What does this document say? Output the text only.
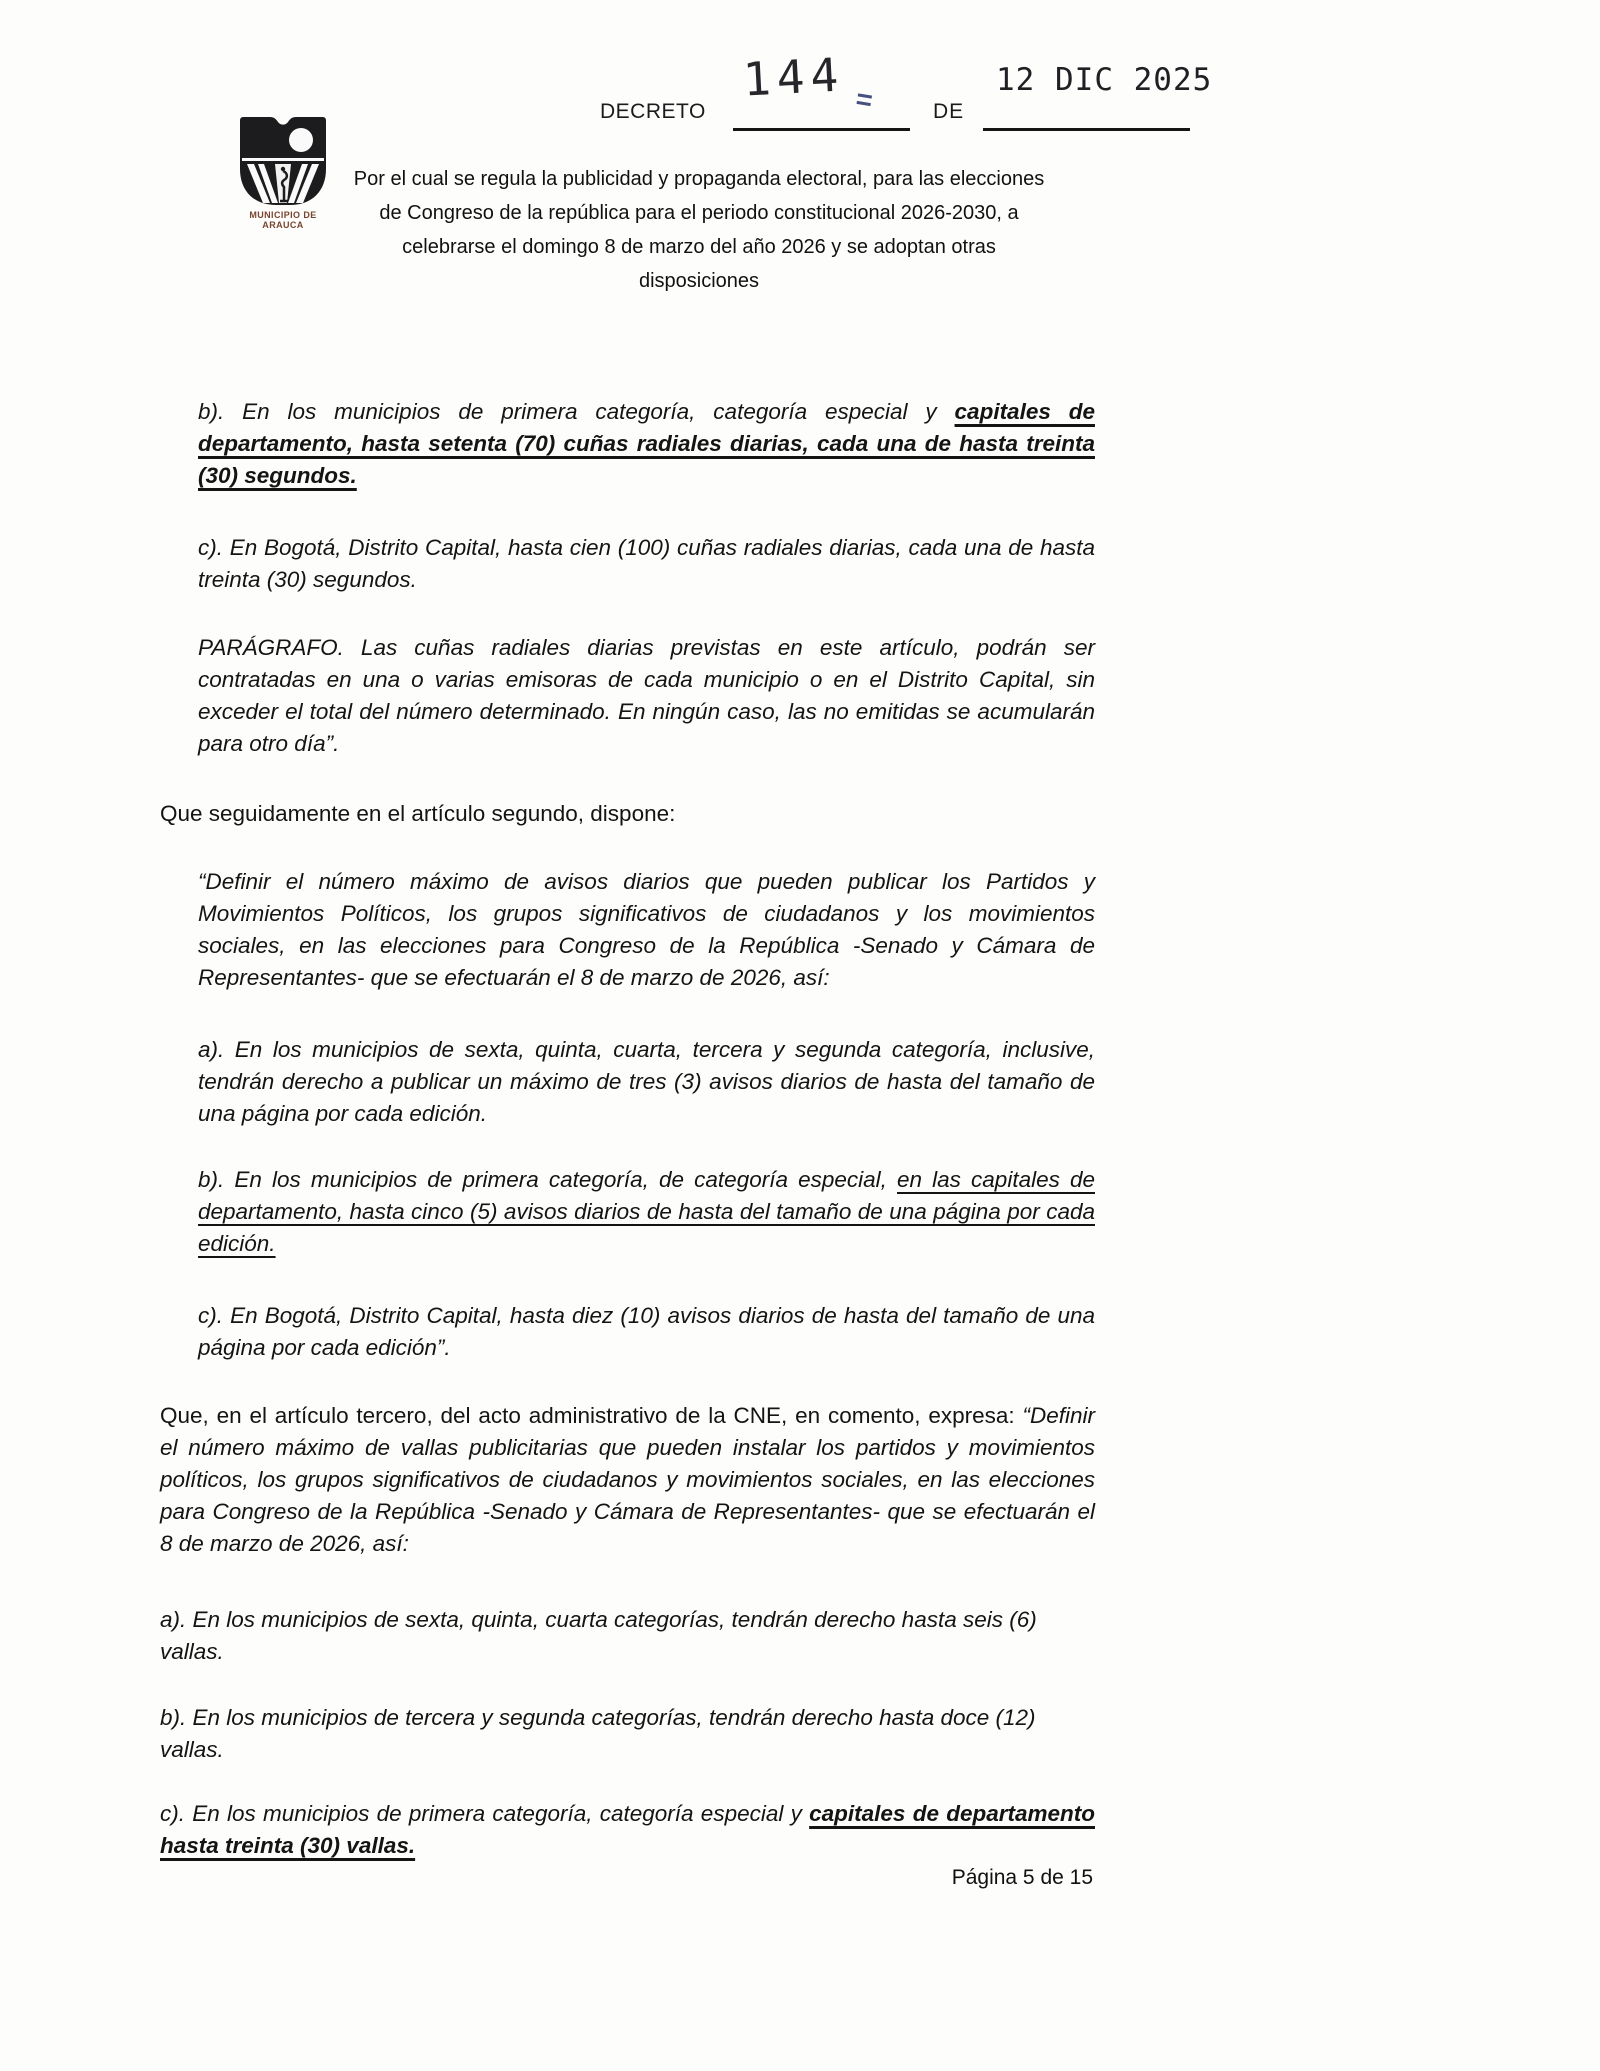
MUNICIPIO DE ARAUCA
DECRETO
144 =	DE
12 DIC 2025
Por el cual se regula la publicidad y propaganda electoral, para las elecciones
de Congreso de la república para el periodo constitucional 2026-2030, a
celebrarse el domingo 8 de marzo del año 2026 y se adoptan otras
disposiciones

b). En los municipios de primera categoría, categoría especial y capitales de departamento, hasta setenta (70) cuñas radiales diarias, cada una de hasta treinta (30) segundos.

c). En Bogotá, Distrito Capital, hasta cien (100) cuñas radiales diarias, cada una de hasta treinta (30) segundos.

PARÁGRAFO. Las cuñas radiales diarias previstas en este artículo, podrán ser contratadas en una o varias emisoras de cada municipio o en el Distrito Capital, sin exceder el total del número determinado. En ningún caso, las no emitidas se acumularán para otro día”.

Que seguidamente en el artículo segundo, dispone:

“Definir el número máximo de avisos diarios que pueden publicar los Partidos y Movimientos Políticos, los grupos significativos de ciudadanos y los movimientos sociales, en las elecciones para Congreso de la República -Senado y Cámara de Representantes- que se efectuarán el 8 de marzo de 2026, así:

a). En los municipios de sexta, quinta, cuarta, tercera y segunda categoría, inclusive, tendrán derecho a publicar un máximo de tres (3) avisos diarios de hasta del tamaño de una página por cada edición.

b). En los municipios de primera categoría, de categoría especial, en las capitales de departamento, hasta cinco (5) avisos diarios de hasta del tamaño de una página por cada edición.

c). En Bogotá, Distrito Capital, hasta diez (10) avisos diarios de hasta del tamaño de una página por cada edición”.

Que, en el artículo tercero, del acto administrativo de la CNE, en comento, expresa: “Definir el número máximo de vallas publicitarias que pueden instalar los partidos y movimientos políticos, los grupos significativos de ciudadanos y movimientos sociales, en las elecciones para Congreso de la República -Senado y Cámara de Representantes- que se efectuarán el 8 de marzo de 2026, así:

a). En los municipios de sexta, quinta, cuarta categorías, tendrán derecho hasta seis (6) vallas.

b). En los municipios de tercera y segunda categorías, tendrán derecho hasta doce (12) vallas.

c). En los municipios de primera categoría, categoría especial y capitales de departamento hasta treinta (30) vallas.

Página 5 de 15
